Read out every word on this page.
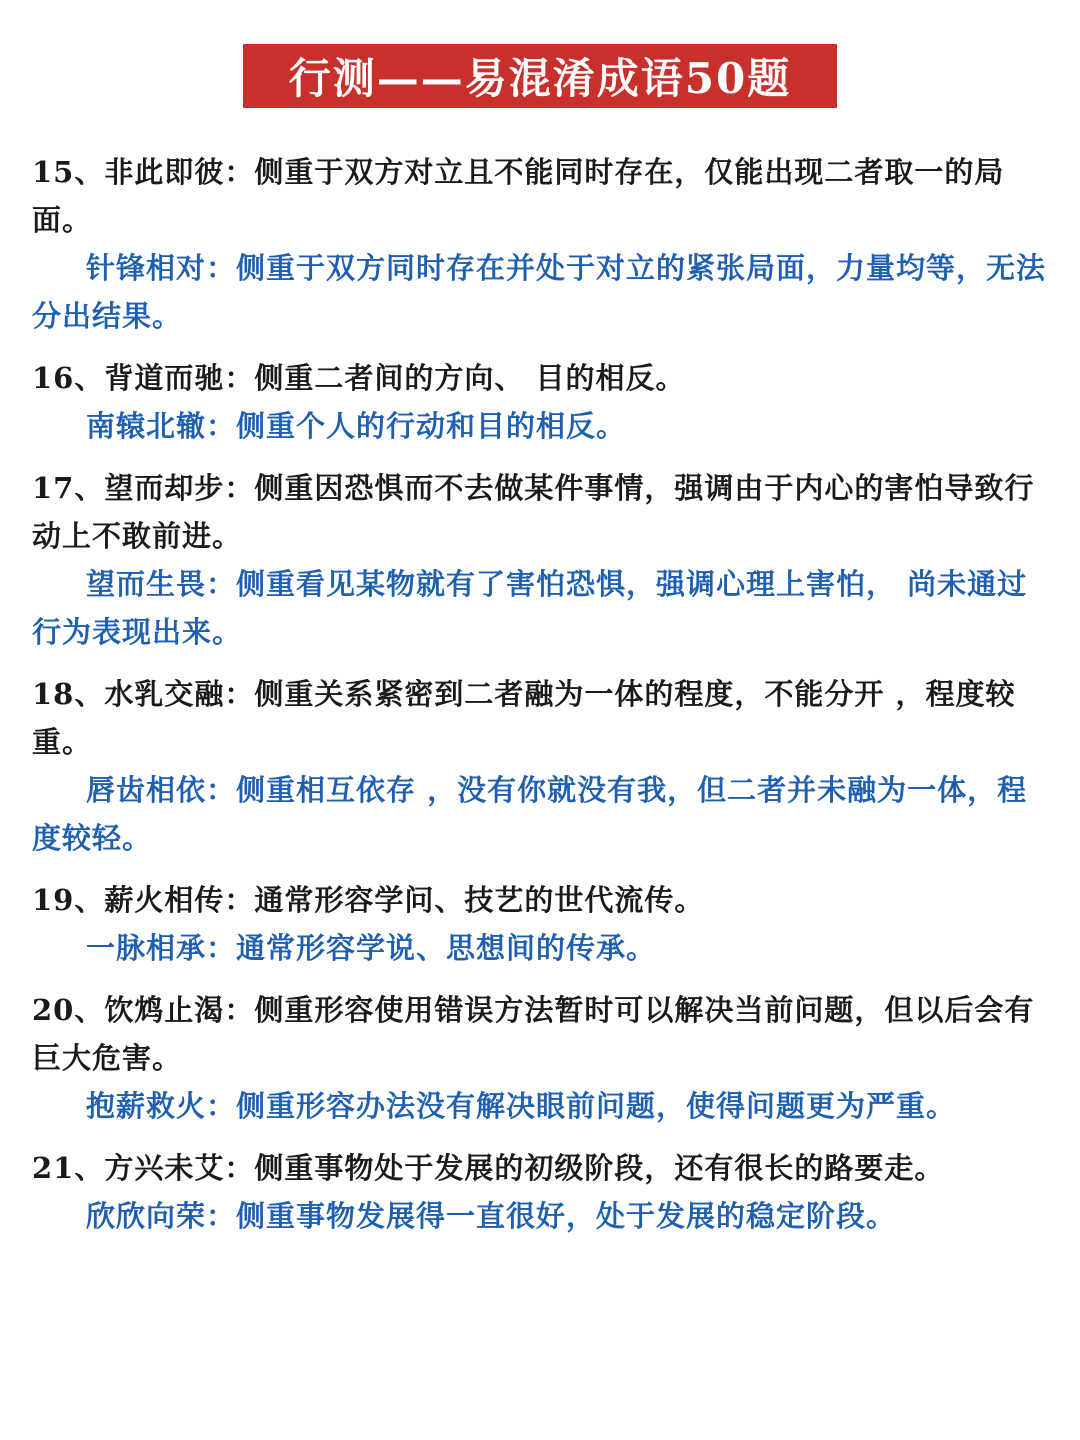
行测——易混淆成语50题

15、非此即彼：侧重于双方对立且不能同时存在，仅能出现二者取一的局面。

针锋相对：侧重于双方同时存在并处于对立的紧张局面，力量均等，无法分出结果。

16、背道而驰：侧重二者间的方向、 目的相反。

南辕北辙：侧重个人的行动和目的相反。

17、望而却步：侧重因恐惧而不去做某件事情，强调由于内心的害怕导致行动上不敢前进。

望而生畏：侧重看见某物就有了害怕恐惧，强调心理上害怕， 尚未通过行为表现出来。

18、水乳交融：侧重关系紧密到二者融为一体的程度，不能分开 ，程度较重。

唇齿相依：侧重相互依存 ，没有你就没有我，但二者并未融为一体，程度较轻。

19、薪火相传：通常形容学问、技艺的世代流传。

一脉相承：通常形容学说、思想间的传承。

20、饮鸩止渴：侧重形容使用错误方法暂时可以解决当前问题，但以后会有巨大危害。

抱薪救火：侧重形容办法没有解决眼前问题，使得问题更为严重。

21、方兴未艾：侧重事物处于发展的初级阶段，还有很长的路要走。

欣欣向荣：侧重事物发展得一直很好，处于发展的稳定阶段。
